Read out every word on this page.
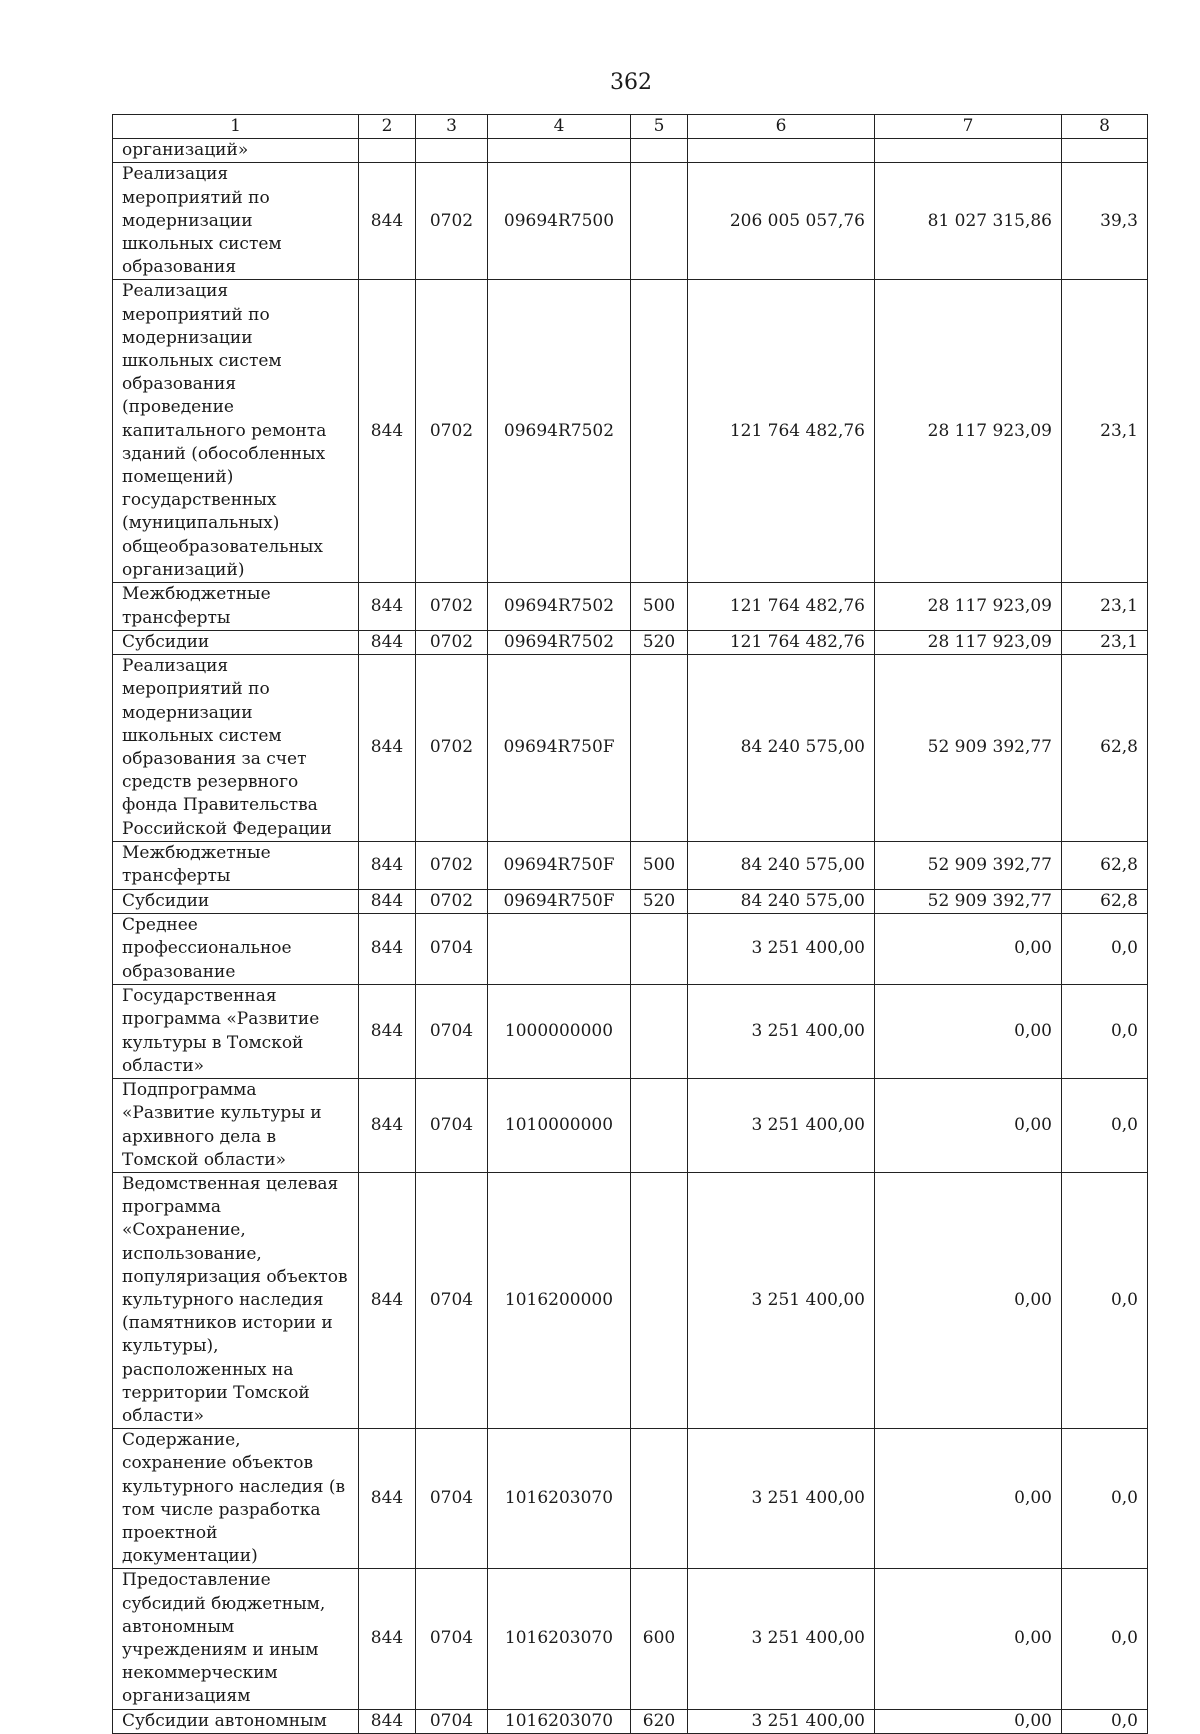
362
1	2	3	4	5	6	7	8
организаций»							
Реализация мероприятий по модернизации школьных систем образования	844	0702	09694R7500		206 005 057,76	81 027 315,86	39,3
Реализация мероприятий по модернизации школьных систем образования (проведение капитального ремонта зданий (обособленных помещений) государственных (муниципальных) общеобразовательных организаций)	844	0702	09694R7502		121 764 482,76	28 117 923,09	23,1
Межбюджетные трансферты	844	0702	09694R7502	500	121 764 482,76	28 117 923,09	23,1
Субсидии	844	0702	09694R7502	520	121 764 482,76	28 117 923,09	23,1
Реализация мероприятий по модернизации школьных систем образования за счет средств резервного фонда Правительства Российской Федерации	844	0702	09694R750F		84 240 575,00	52 909 392,77	62,8
Межбюджетные трансферты	844	0702	09694R750F	500	84 240 575,00	52 909 392,77	62,8
Субсидии	844	0702	09694R750F	520	84 240 575,00	52 909 392,77	62,8
Среднее профессиональное образование	844	0704			3 251 400,00	0,00	0,0
Государственная программа «Развитие культуры в Томской области»	844	0704	1000000000		3 251 400,00	0,00	0,0
Подпрограмма «Развитие культуры и архивного дела в Томской области»	844	0704	1010000000		3 251 400,00	0,00	0,0
Ведомственная целевая программа «Сохранение, использование, популяризация объектов культурного наследия (памятников истории и культуры), расположенных на территории Томской области»	844	0704	1016200000		3 251 400,00	0,00	0,0
Содержание, сохранение объектов культурного наследия (в том числе разработка проектной документации)	844	0704	1016203070		3 251 400,00	0,00	0,0
Предоставление субсидий бюджетным, автономным учреждениям и иным некоммерческим организациям	844	0704	1016203070	600	3 251 400,00	0,00	0,0
Субсидии автономным	844	0704	1016203070	620	3 251 400,00	0,00	0,0
